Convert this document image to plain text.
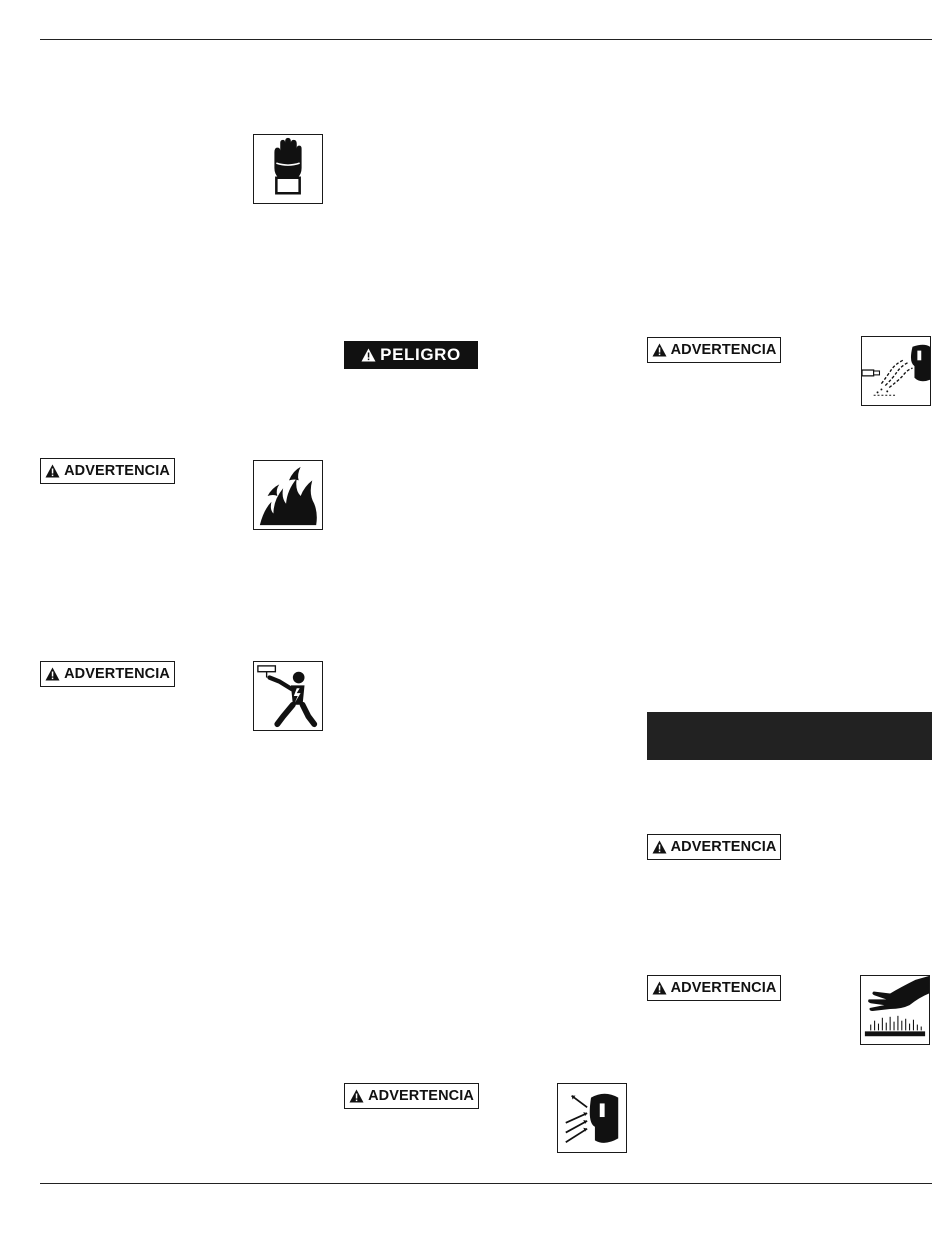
ADVERTENCIA
ADVERTENCIA
PELIGRO
ADVERTENCIA
ADVERTENCIA
ADVERTENCIA
ADVERTENCIA
